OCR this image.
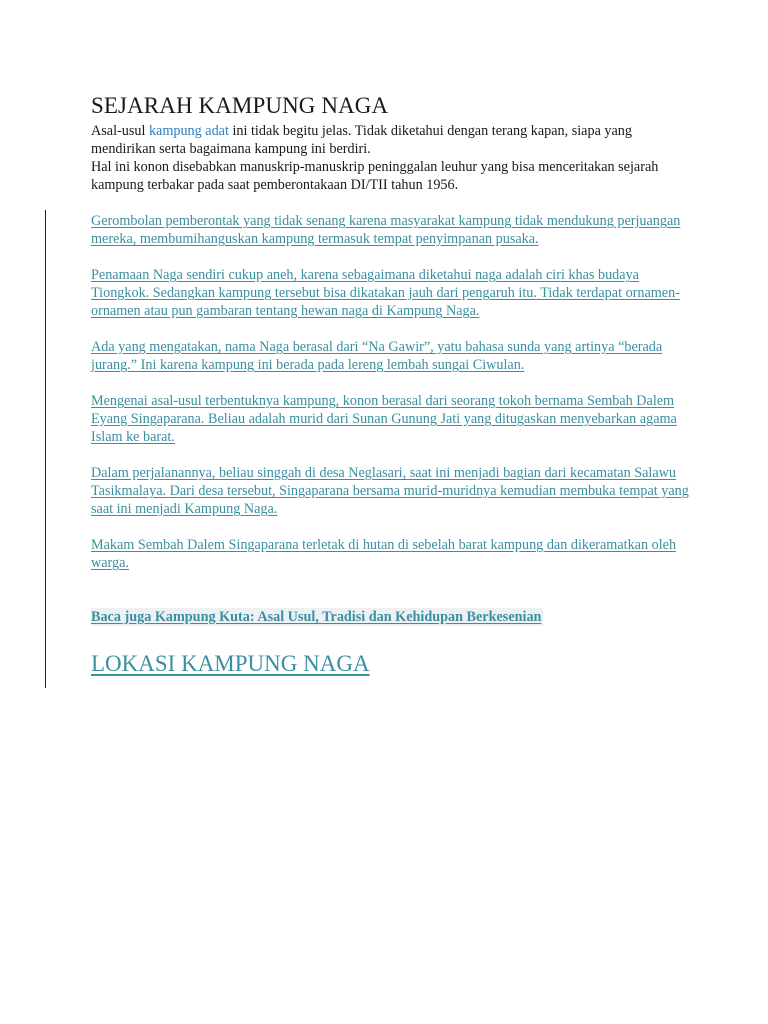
SEJARAH KAMPUNG NAGA

Asal-usul kampung adat ini tidak begitu jelas. Tidak diketahui dengan terang kapan, siapa yang mendirikan serta bagaimana kampung ini berdiri.
Hal ini konon disebabkan manuskrip-manuskrip peninggalan leuhur yang bisa menceritakan sejarah kampung terbakar pada saat pemberontakaan DI/TII tahun 1956.

Gerombolan pemberontak yang tidak senang karena masyarakat kampung tidak mendukung perjuangan mereka, membumihanguskan kampung termasuk tempat penyimpanan pusaka.

Penamaan Naga sendiri cukup aneh, karena sebagaimana diketahui naga adalah ciri khas budaya Tiongkok. Sedangkan kampung tersebut bisa dikatakan jauh dari pengaruh itu. Tidak terdapat ornamen-ornamen atau pun gambaran tentang hewan naga di Kampung Naga.

Ada yang mengatakan, nama Naga berasal dari “Na Gawir”, yatu bahasa sunda yang artinya “berada jurang.” Ini karena kampung ini berada pada lereng lembah sungai Ciwulan.

Mengenai asal-usul terbentuknya kampung, konon berasal dari seorang tokoh bernama Sembah Dalem Eyang Singaparana. Beliau adalah murid dari Sunan Gunung Jati yang ditugaskan menyebarkan agama Islam ke barat.

Dalam perjalanannya, beliau singgah di desa Neglasari, saat ini menjadi bagian dari kecamatan Salawu Tasikmalaya. Dari desa tersebut, Singaparana bersama murid-muridnya kemudian membuka tempat yang saat ini menjadi Kampung Naga.

Makam Sembah Dalem Singaparana terletak di hutan di sebelah barat kampung dan dikeramatkan oleh warga.

Baca juga Kampung Kuta: Asal Usul, Tradisi dan Kehidupan Berkesenian
LOKASI KAMPUNG NAGA
